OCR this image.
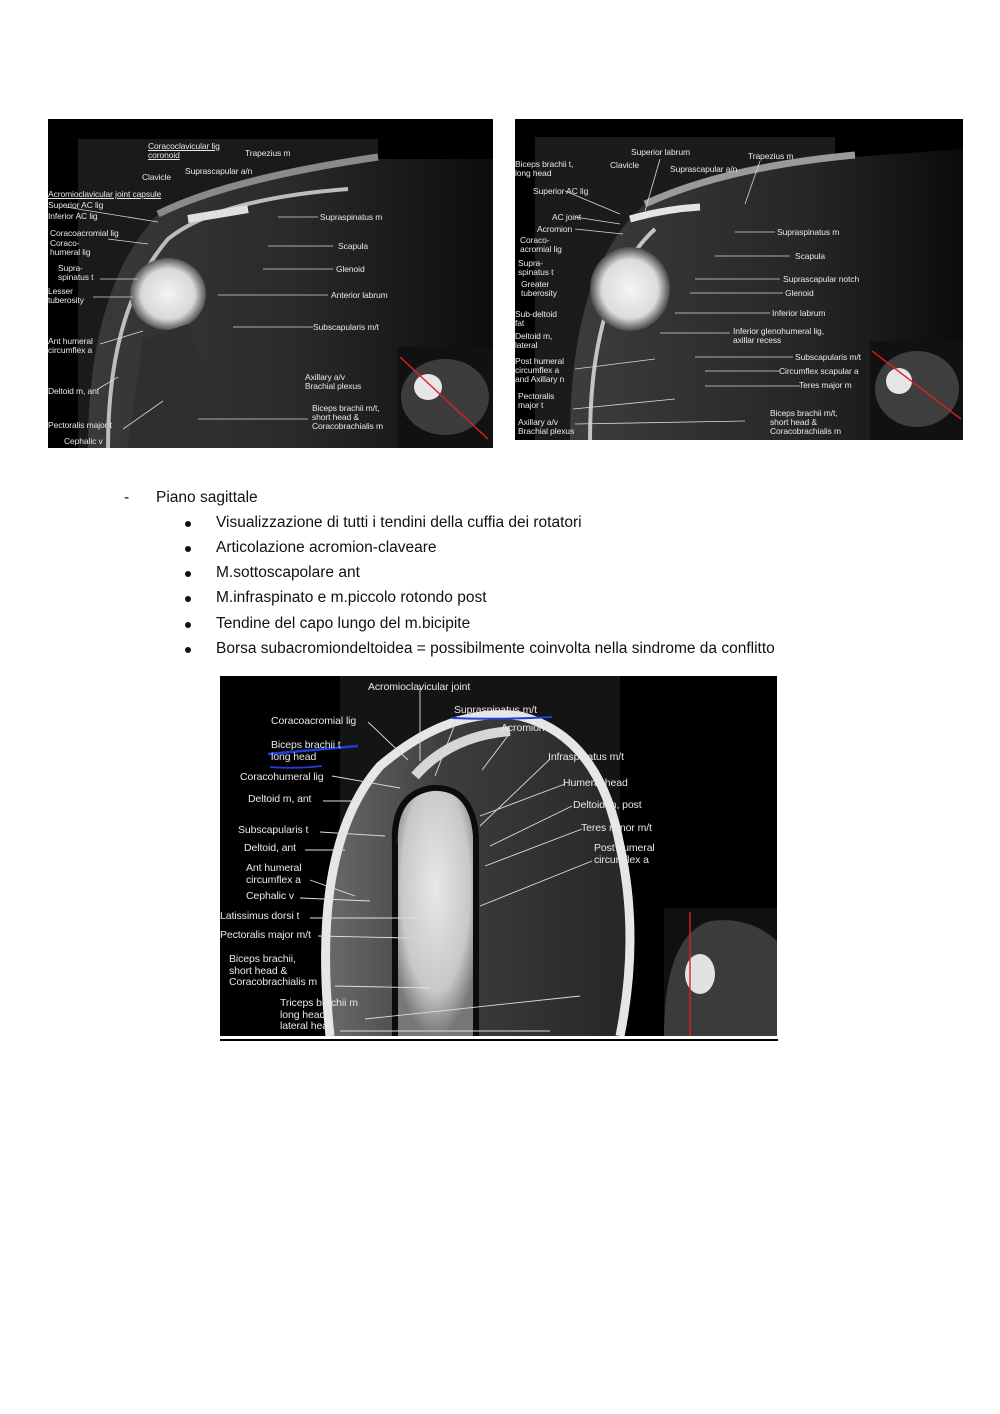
Coracoclavicular lig
coronoid	Trapezius m
Clavicle
Suprascapular a/n
Acromioclavicular joint capsule
Superior AC lig
Inferior AC lig	Supraspinatus m
Coracoacromial lig
Scapula
Coraco-
humeral lig
Glenoid
Supra-
spinatus t
Lesser
tuberosity	Anterior labrum
Subscapularis m/t
Ant humeral
circumflex a
Axillary a/v
Brachial plexus
Deltoid m, ant
Biceps brachii m/t,
short head &
Coracobrachialis m
Pectoralis major t
Cephalic v
Superior labrum
Biceps brachii t,
long head
Clavicle
Trapezius m
Suprascapular a/n
Superior AC lig
AC joint
Acromion	Supraspinatus m
Coraco-
acromial lig
Scapula
Supra-
spinatus t
Suprascapular notch
Greater
tuberosity	Glenoid
Sub-deltoid
fat
Inferior labrum
Deltoid m,
lateral
Inferior glenohumeral lig,
axillar recess
Subscapularis m/t
Post humeral
circumflex a
and Axillary n
Circumflex scapular a
Teres major m
Pectoralis
major t
Biceps brachii m/t,
short head &
Coracobrachialis m
Axillary a/v
Brachial plexus
- Piano sagittale
Visualizzazione di tutti i tendini della cuffia dei rotatori
Articolazione acromion-claveare
M.sottoscapolare ant
M.infraspinato e m.piccolo rotondo post
Tendine del capo lungo del m.bicipite
Borsa subacromiondeltoidea = possibilmente coinvolta nella sindrome da conflitto
Acromioclavicular joint
Coracoacromial lig
Supraspinatus m/t
Acromion
Biceps brachii t
long head	Infraspinatus m/t
Coracohumeral lig	Humeral head
Deltoid m, ant	Deltoid m, post
Teres minor m/t
Subscapularis t
Deltoid, ant	Post humeral
circumflex a
Ant humeral
circumflex a
Cephalic v
Latissimus dorsi t
Pectoralis major m/t
Biceps brachii,
short head &
Coracobrachialis m
Triceps brachii m
long head
lateral head
